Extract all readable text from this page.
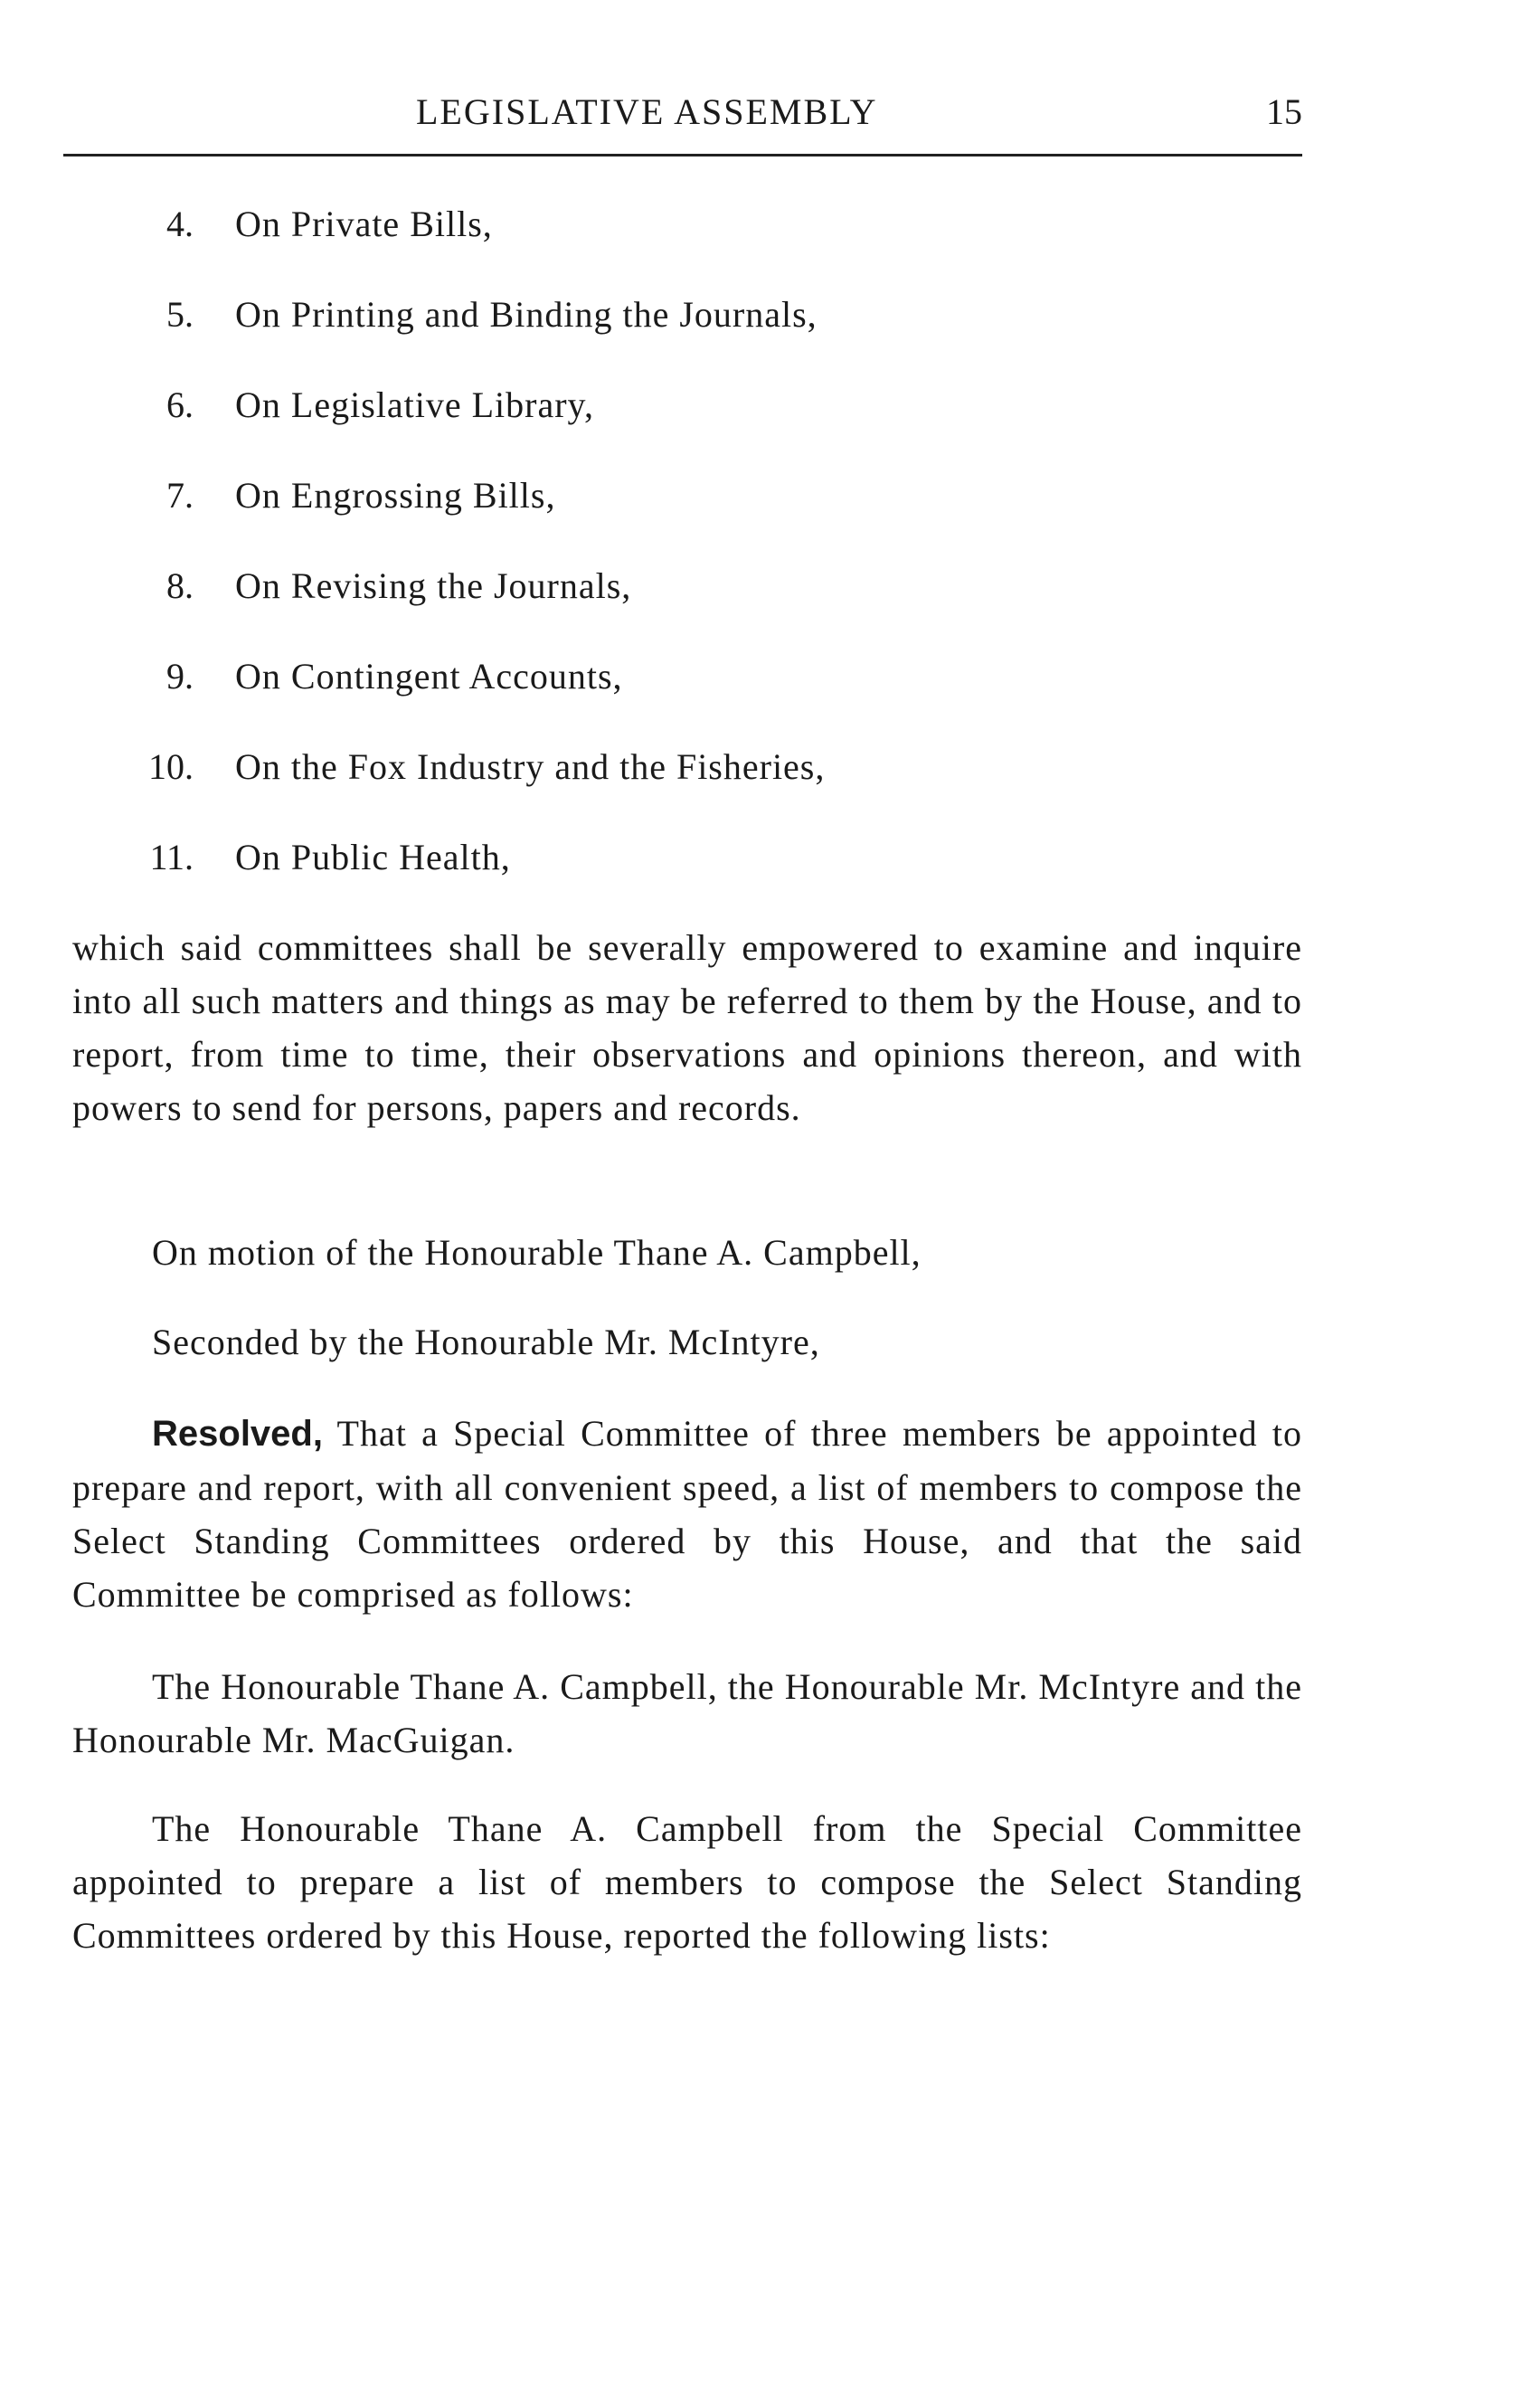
LEGISLATIVE ASSEMBLY	15
4. On Private Bills,
5. On Printing and Binding the Journals,
6. On Legislative Library,
7. On Engrossing Bills,
8. On Revising the Journals,
9. On Contingent Accounts,
10. On the Fox Industry and the Fisheries,
11. On Public Health,

which said committees shall be severally empowered to examine and inquire into all such matters and things as may be referred to them by the House, and to report, from time to time, their observations and opinions thereon, and with powers to send for persons, papers and records.

On motion of the Honourable Thane A. Campbell,

Seconded by the Honourable Mr. McIntyre,

Resolved, That a Special Committee of three members be appointed to prepare and report, with all convenient speed, a list of members to compose the Select Standing Committees ordered by this House, and that the said Committee be comprised as follows:

The Honourable Thane A. Campbell, the Honourable Mr. McIntyre and the Honourable Mr. MacGuigan.

The Honourable Thane A. Campbell from the Special Committee appointed to prepare a list of members to compose the Select Standing Committees ordered by this House, reported the following lists:
